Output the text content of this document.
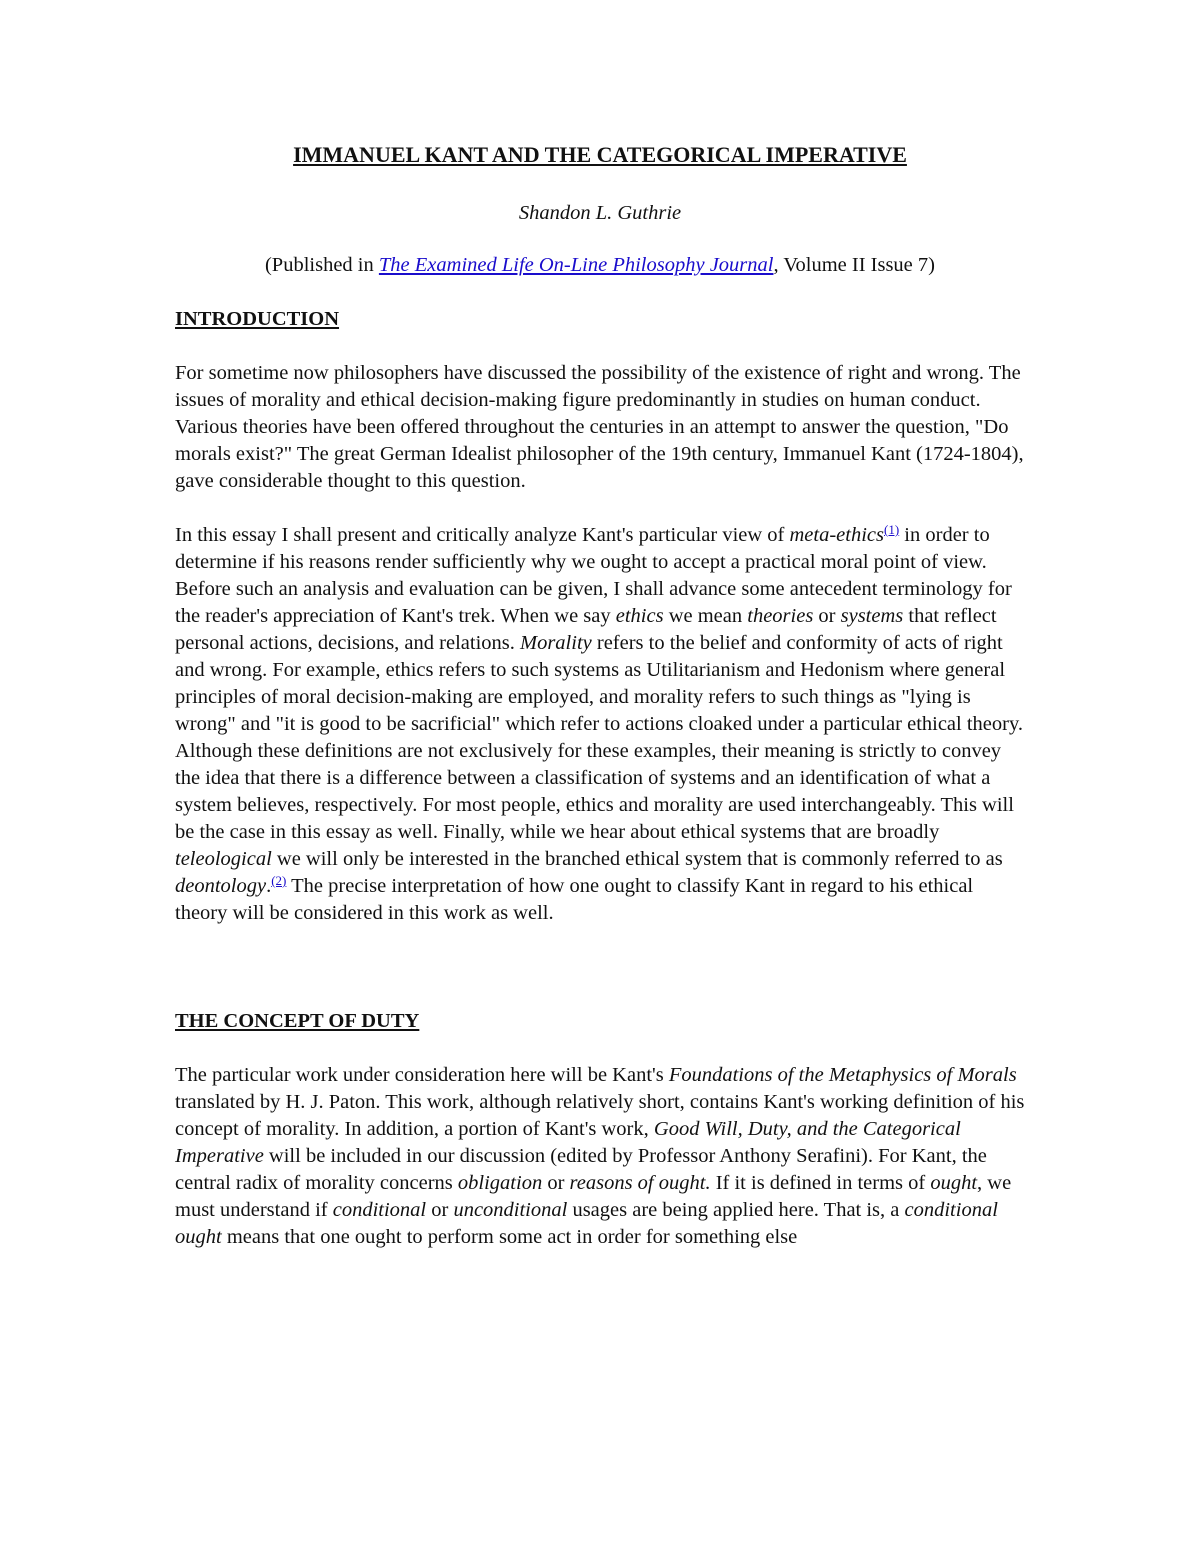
IMMANUEL KANT AND THE CATEGORICAL IMPERATIVE
Shandon L. Guthrie
(Published in The Examined Life On-Line Philosophy Journal, Volume II Issue 7)
INTRODUCTION

For sometime now philosophers have discussed the possibility of the existence of right and wrong. The issues of morality and ethical decision-making figure predominantly in studies on human conduct. Various theories have been offered throughout the centuries in an attempt to answer the question, "Do morals exist?" The great German Idealist philosopher of the 19th century, Immanuel Kant (1724-1804), gave considerable thought to this question.

In this essay I shall present and critically analyze Kant's particular view of meta-ethics$^{(1)}$ in order to determine if his reasons render sufficiently why we ought to accept a practical moral point of view. Before such an analysis and evaluation can be given, I shall advance some antecedent terminology for the reader's appreciation of Kant's trek. When we say ethics we mean theories or systems that reflect personal actions, decisions, and relations. Morality refers to the belief and conformity of acts of right and wrong. For example, ethics refers to such systems as Utilitarianism and Hedonism where general principles of moral decision-making are employed, and morality refers to such things as "lying is wrong" and "it is good to be sacrificial" which refer to actions cloaked under a particular ethical theory. Although these definitions are not exclusively for these examples, their meaning is strictly to convey the idea that there is a difference between a classification of systems and an identification of what a system believes, respectively. For most people, ethics and morality are used interchangeably. This will be the case in this essay as well. Finally, while we hear about ethical systems that are broadly teleological we will only be interested in the branched ethical system that is commonly referred to as deontology.$^{(2)}$ The precise interpretation of how one ought to classify Kant in regard to his ethical theory will be considered in this work as well.

THE CONCEPT OF DUTY

The particular work under consideration here will be Kant's Foundations of the Metaphysics of Morals translated by H. J. Paton. This work, although relatively short, contains Kant's working definition of his concept of morality. In addition, a portion of Kant's work, Good Will, Duty, and the Categorical Imperative will be included in our discussion (edited by Professor Anthony Serafini). For Kant, the central radix of morality concerns obligation or reasons of ought. If it is defined in terms of ought, we must understand if conditional or unconditional usages are being applied here. That is, a conditional ought means that one ought to perform some act in order for something else
